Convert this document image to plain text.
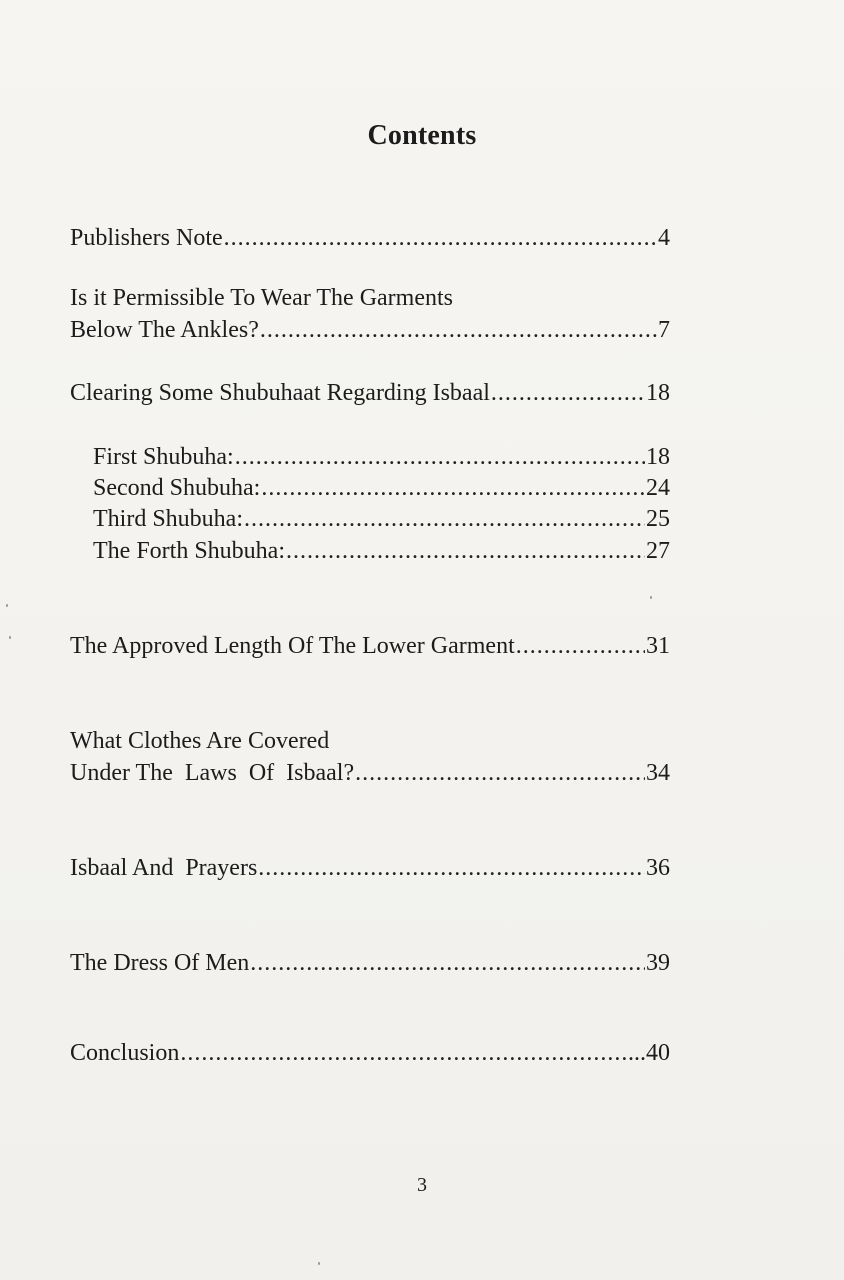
Contents
Publishers Note .....	4
Is it Permissible To Wear The Garments
Below The Ankles? .....	7
Clearing Some Shubuhaat Regarding Isbaal .....	18
First Shubuha: .....	18
Second Shubuha: .....	24
Third Shubuha: .....	25
The Forth Shubuha: .....	27
The Approved Length Of The Lower Garment .....	31
What Clothes Are Covered
Under The  Laws  Of  Isbaal? .....	34
Isbaal And  Prayers .....	36
The Dress Of Men .....	39
Conclusion .....	...40
3
